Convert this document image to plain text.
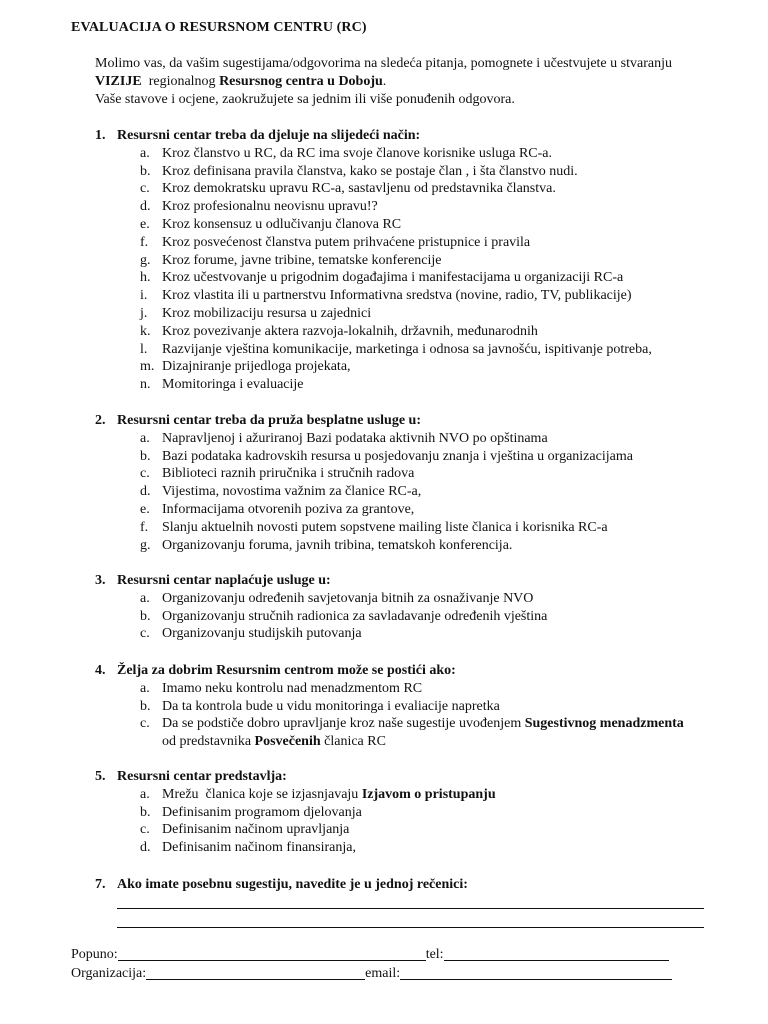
EVALUACIJA O RESURSNOM CENTRU (RC)

Molimo vas, da vašim sugestijama/odgovorima na sledeća pitanja, pomognete i učestvujete u stvaranju

VIZIJE  regionalnog Resursnog centra u Doboju.

Vaše stavove i ocjene, zaokružujete sa jednim ili više ponuđenih odgovora.

1. Resursni centar treba da djeluje na slijedeći način:
a. Kroz članstvo u RC, da RC ima svoje članove korisnike usluga RC-a.
b. Kroz definisana pravila članstva, kako se postaje član , i šta članstvo nudi.
c. Kroz demokratsku upravu RC-a, sastavljenu od predstavnika članstva.
d. Kroz profesionalnu neovisnu upravu!?
e. Kroz konsensuz u odlučivanju članova RC
f. Kroz posvećenost članstva putem prihvaćene pristupnice i pravila
g. Kroz forume, javne tribine, tematske konferencije
h. Kroz učestvovanje u prigodnim događajima i manifestacijama u organizaciji RC-a
i.	Kroz vlastita ili u partnerstvu Informativna sredstva (novine, radio, TV, publikacije)
j.	Kroz mobilizaciju resursa u zajednici
k. Kroz povezivanje aktera razvoja-lokalnih, državnih, međunarodnih
l.	Razvijanje vještina komunikacije, marketinga i odnosa sa javnošću, ispitivanje potreba,
m. Dizajniranje prijedloga projekata,
n. Momitoringa i evaluacije
2. Resursni centar treba da pruža besplatne usluge u:
a. Napravljenoj i ažuriranoj Bazi podataka aktivnih NVO po opštinama
b. Bazi podataka kadrovskih resursa u posjedovanju znanja i vještina u organizacijama
c. Biblioteci raznih priručnika i stručnih radova
d. Vijestima, novostima važnim za članice RC-a,
e. Informacijama otvorenih poziva za grantove,
f. Slanju aktuelnih novosti putem sopstvene mailing liste članica i korisnika RC-a
g. Organizovanju foruma, javnih tribina, tematskoh konferencija.
3. Resursni centar naplaćuje usluge u:
a. Organizovanju određenih savjetovanja bitnih za osnaživanje NVO
b. Organizovanju stručnih radionica za savladavanje određenih vještina
c. Organizovanju studijskih putovanja
4. Želja za dobrim Resursnim centrom može se postići ako:
a. Imamo neku kontrolu nad menadzmentom RC
b. Da ta kontrola bude u vidu monitoringa i evaliacije napretka
c. Da se podstiče dobro upravljanje kroz naše sugestije uvođenjem Sugestivnog menadzmenta
od predstavnika Posvečenih članica RC
5. Resursni centar predstavlja:
a. Mrežu  članica koje se izjasnjavaju Izjavom o pristupanju
b. Definisanim programom djelovanja
c. Definisanim načinom upravljanja
d. Definisanim načinom finansiranja,
7. Ako imate posebnu sugestiju, navedite je u jednoj rečenici:
Popuno:	tel:
Organizacija:	email:
